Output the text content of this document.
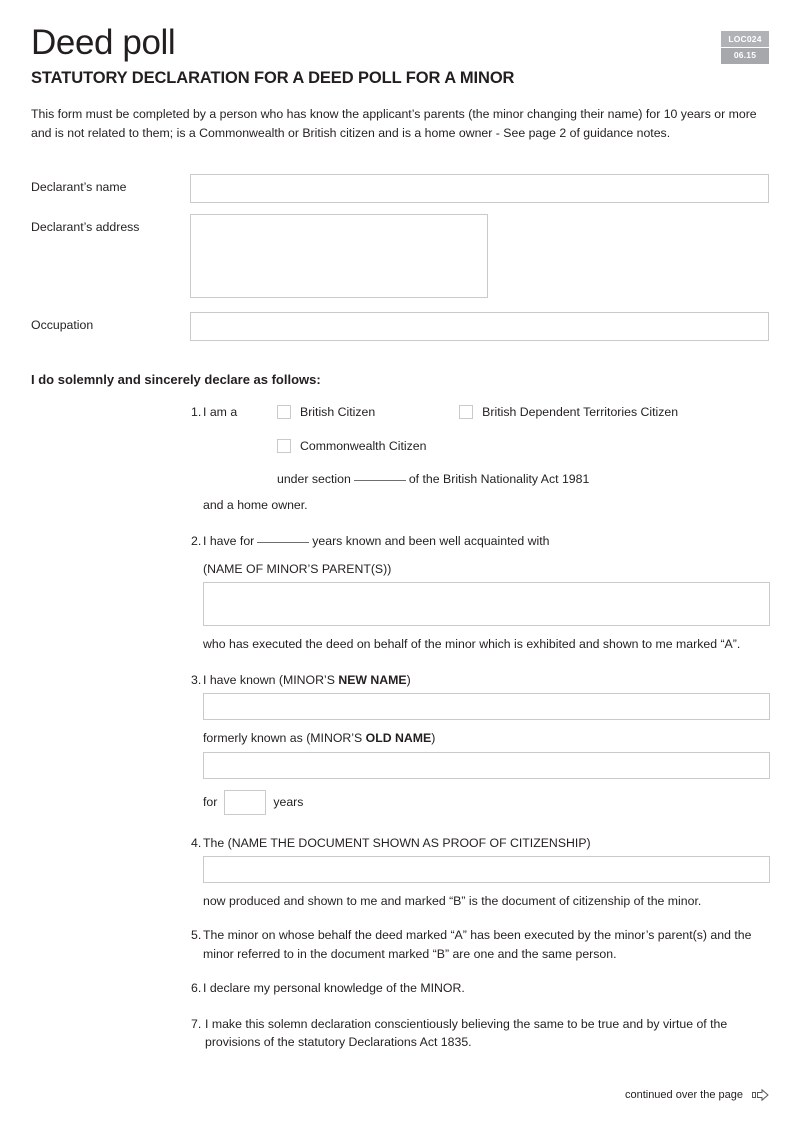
LOC024
06.15
Deed poll
STATUTORY DECLARATION FOR A DEED POLL FOR A MINOR

This form must be completed by a person who has know the applicant’s parents (the minor changing their name) for 10 years or more and is not related to them; is a Commonwealth or British citizen and is a home owner - See page 2 of guidance notes.

Declarant’s name
Declarant’s address
Occupation
I do solemnly and sincerely declare as follows:
1. I am a	British Citizen	British Dependent Territories Citizen
Commonwealth Citizen
under section	of the British Nationality Act 1981
and a home owner.
2. I have for	years known and been well acquainted with
(NAME OF MINOR’S PARENT(S))
who has executed the deed on behalf of the minor which is exhibited and shown to me marked “A”.
3. I have known (MINOR’S NEW NAME)
formerly known as (MINOR’S OLD NAME)
for	years
4. The (NAME THE DOCUMENT SHOWN AS PROOF OF CITIZENSHIP)
now produced and shown to me and marked “B” is the document of citizenship of the minor.
5. The minor on whose behalf the deed marked “A” has been executed by the minor’s parent(s) and the minor referred to in the document marked “B” are one and the same person.
6. I declare my personal knowledge of the MINOR.
7. I make this solemn declaration conscientiously believing the same to be true and by virtue of the provisions of the statutory Declarations Act 1835.
continued over the page
